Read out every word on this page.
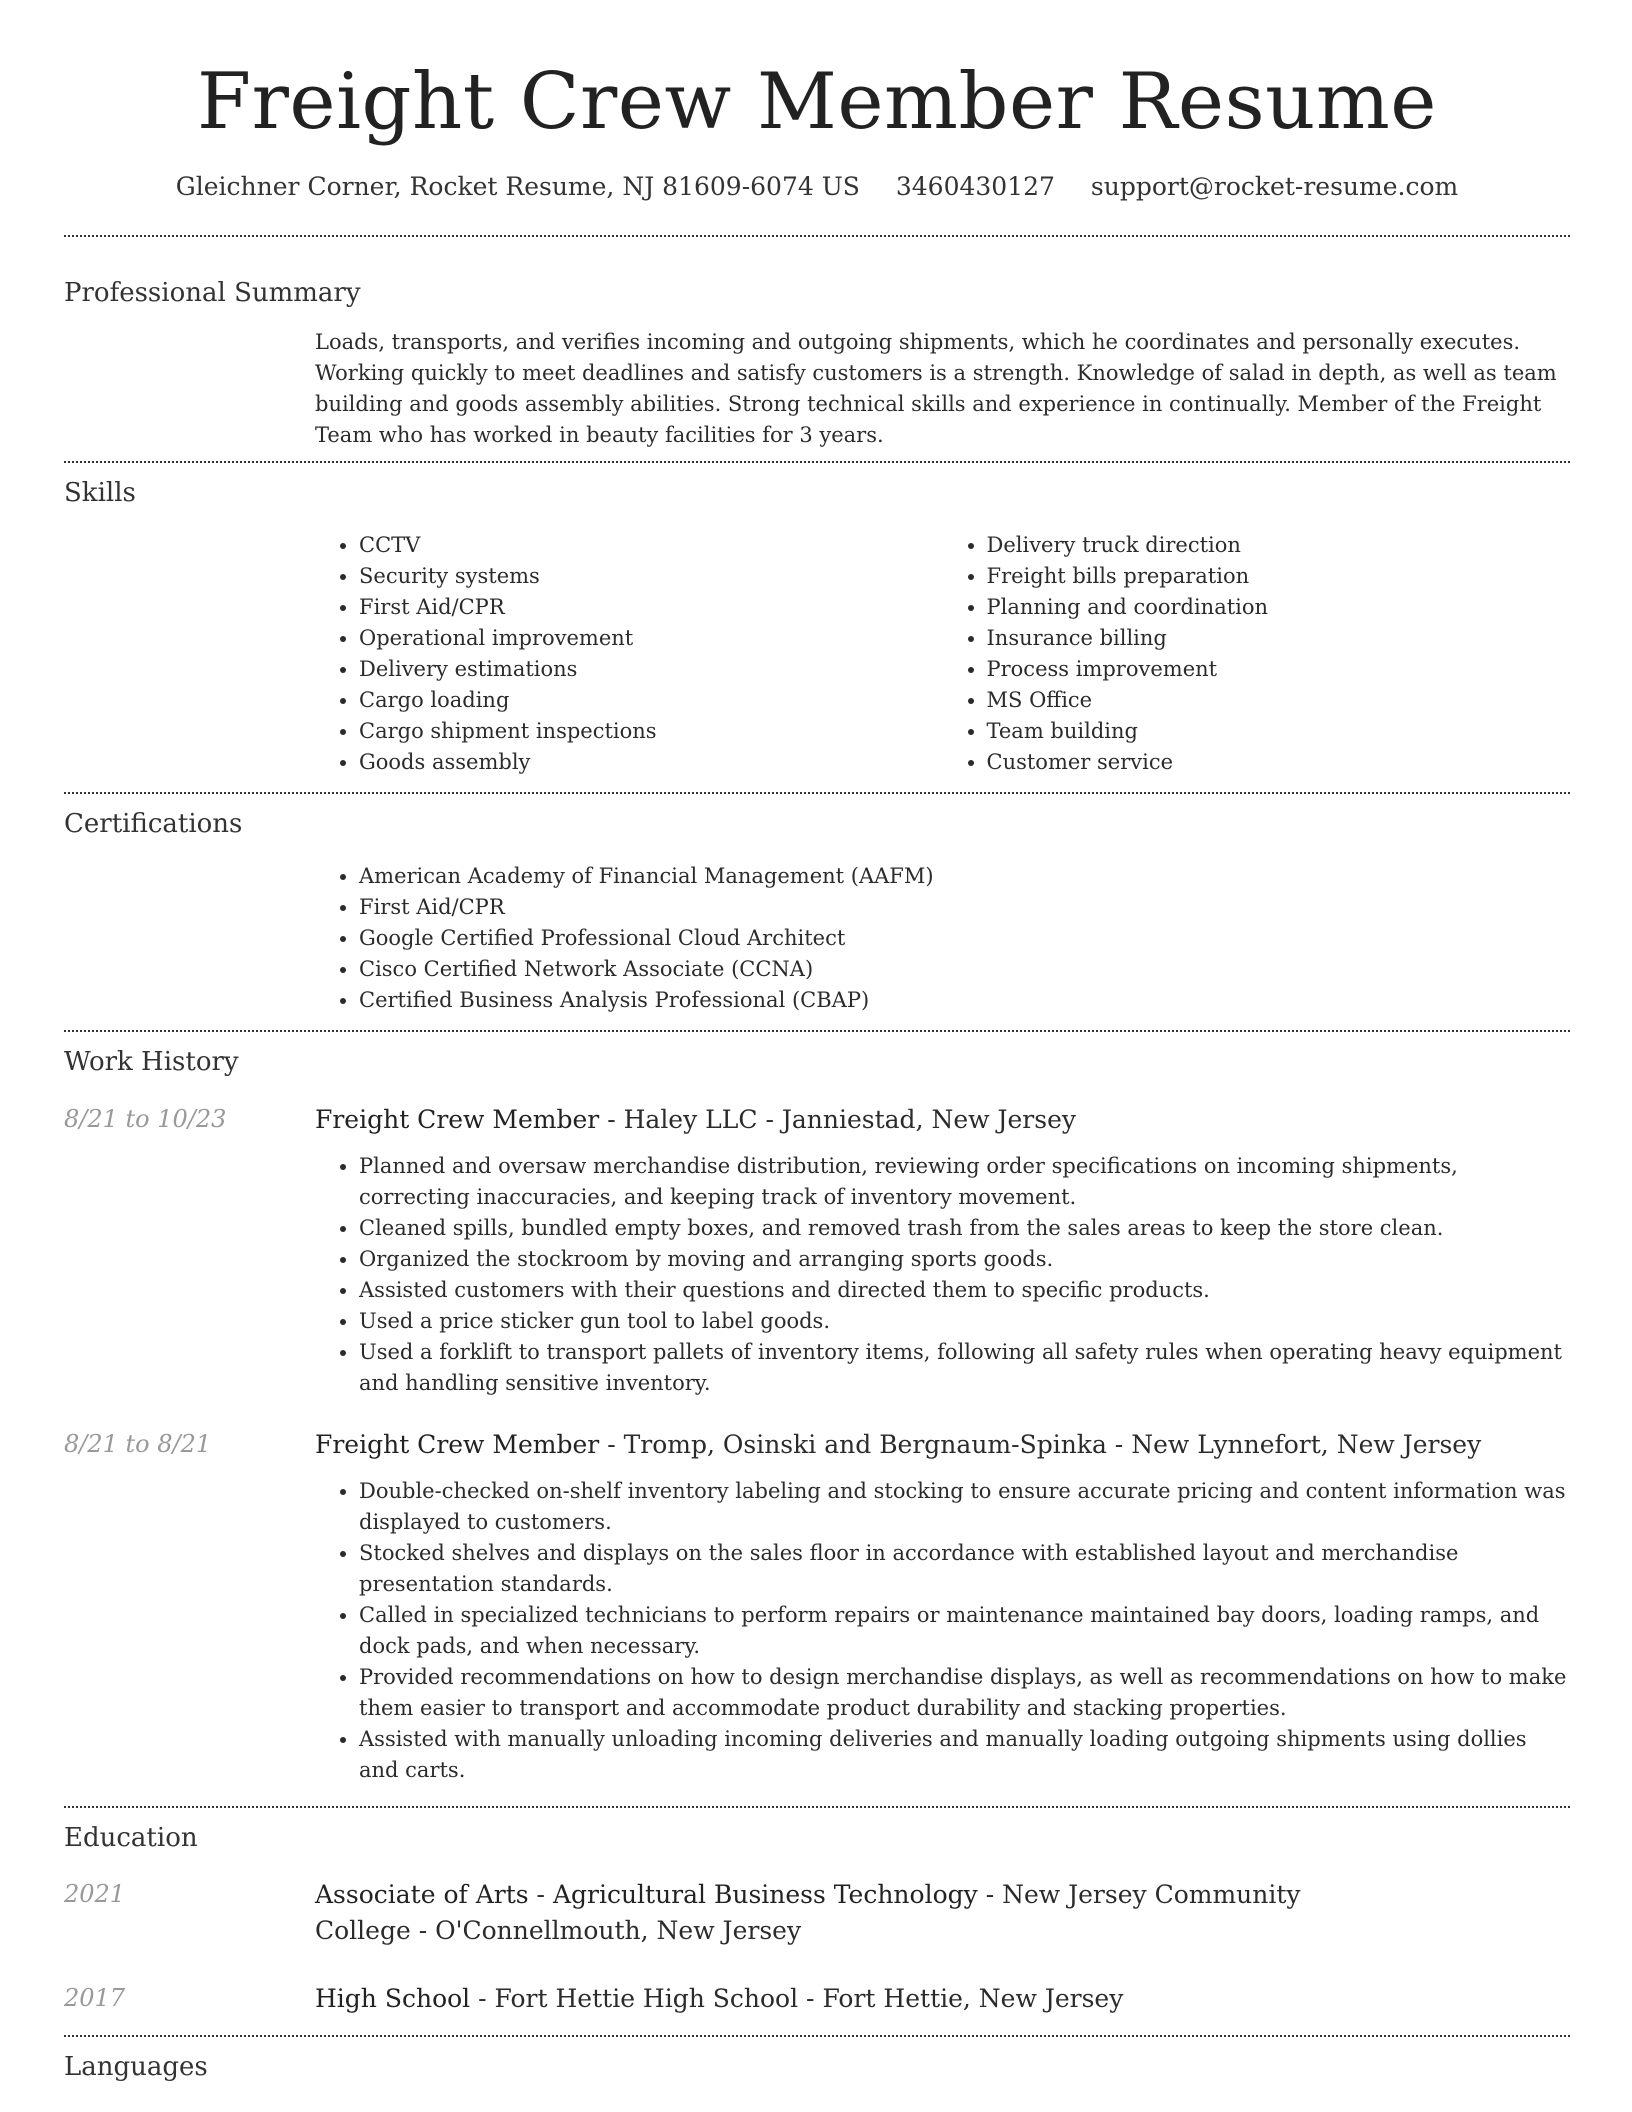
Freight Crew Member Resume
Gleichner Corner, Rocket Resume, NJ 81609-6074 US 3460430127 support@rocket-resume.com
Professional Summary

Loads, transports, and verifies incoming and outgoing shipments, which he coordinates and personally executes. Working quickly to meet deadlines and satisfy customers is a strength. Knowledge of salad in depth, as well as team building and goods assembly abilities. Strong technical skills and experience in continually. Member of the Freight Team who has worked in beauty facilities for 3 years.

Skills
• CCTV
• Security systems
• First Aid/CPR
• Operational improvement
• Delivery estimations
• Cargo loading
• Cargo shipment inspections
• Goods assembly
• Delivery truck direction
• Freight bills preparation
• Planning and coordination
• Insurance billing
• Process improvement
• MS Office
• Team building
• Customer service
Certifications
• American Academy of Financial Management (AAFM)
• First Aid/CPR
• Google Certified Professional Cloud Architect
• Cisco Certified Network Associate (CCNA)
• Certified Business Analysis Professional (CBAP)
Work History
8/21 to 10/23	Freight Crew Member - Haley LLC - Janniestad, New Jersey
• Planned and oversaw merchandise distribution, reviewing order specifications on incoming shipments, correcting inaccuracies, and keeping track of inventory movement.
• Cleaned spills, bundled empty boxes, and removed trash from the sales areas to keep the store clean.
• Organized the stockroom by moving and arranging sports goods.
• Assisted customers with their questions and directed them to specific products.
• Used a price sticker gun tool to label goods.
• Used a forklift to transport pallets of inventory items, following all safety rules when operating heavy equipment and handling sensitive inventory.
8/21 to 8/21	Freight Crew Member - Tromp, Osinski and Bergnaum-Spinka - New Lynnefort, New Jersey
• Double-checked on-shelf inventory labeling and stocking to ensure accurate pricing and content information was displayed to customers.
• Stocked shelves and displays on the sales floor in accordance with established layout and merchandise presentation standards.
• Called in specialized technicians to perform repairs or maintenance maintained bay doors, loading ramps, and dock pads, and when necessary.
• Provided recommendations on how to design merchandise displays, as well as recommendations on how to make them easier to transport and accommodate product durability and stacking properties.
• Assisted with manually unloading incoming deliveries and manually loading outgoing shipments using dollies and carts.
Education
2021	Associate of Arts - Agricultural Business Technology - New Jersey Community College - O'Connellmouth, New Jersey
2017	High School - Fort Hettie High School - Fort Hettie, New Jersey
Languages
